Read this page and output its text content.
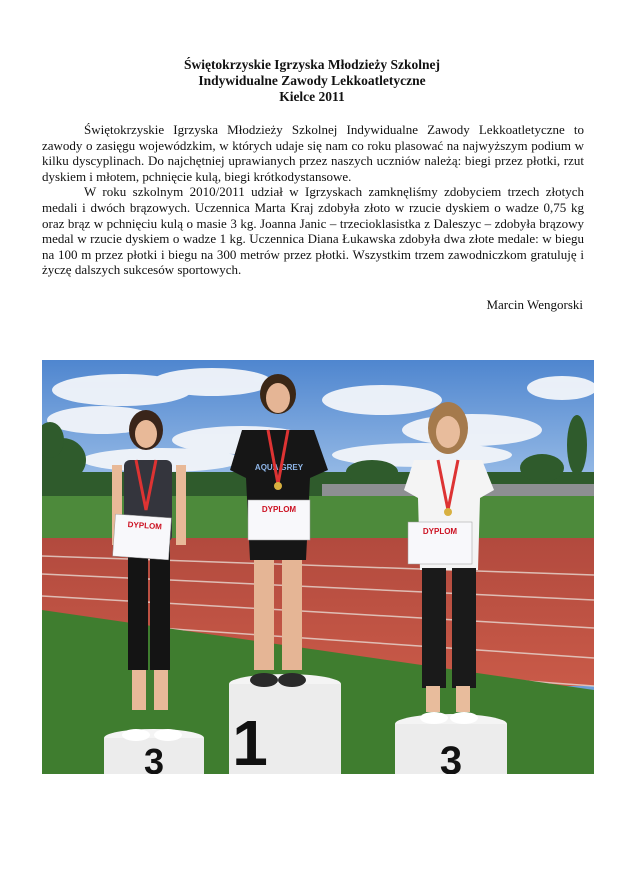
Świętokrzyskie Igrzyska Młodzieży Szkolnej
Indywidualne Zawody Lekkoatletyczne
Kielce 2011

Świętokrzyskie Igrzyska Młodzieży Szkolnej Indywidualne Zawody Lekkoatletyczne to zawody o zasięgu wojewódzkim, w których udaje się nam co roku plasować na najwyższym podium w kilku dyscyplinach. Do najchętniej uprawianych przez naszych uczniów należą: biegi przez płotki, rzut dyskiem i młotem, pchnięcie kulą, biegi krótkodystansowe.

W roku szkolnym 2010/2011 udział w Igrzyskach zamknęliśmy zdobyciem trzech złotych medali i dwóch brązowych. Uczennica Marta Kraj zdobyła złoto w rzucie dyskiem o wadze 0,75 kg oraz brąz w pchnięciu kulą o masie 3 kg. Joanna Janic – trzecioklasistka z Daleszyc – zdobyła brązowy medal w rzucie dyskiem o wadze 1 kg. Uczennica Diana Łukawska zdobyła dwa złote medale: w biegu na 100 m przez płotki i biegu na 300 metrów przez płotki. Wszystkim trzem zawodniczkom gratuluję i życzę dalszych sukcesów sportowych.

Marcin Wengorski
3 1	3
DYPLOM
AQUA GREY
DYPLOM
DYPLOM
